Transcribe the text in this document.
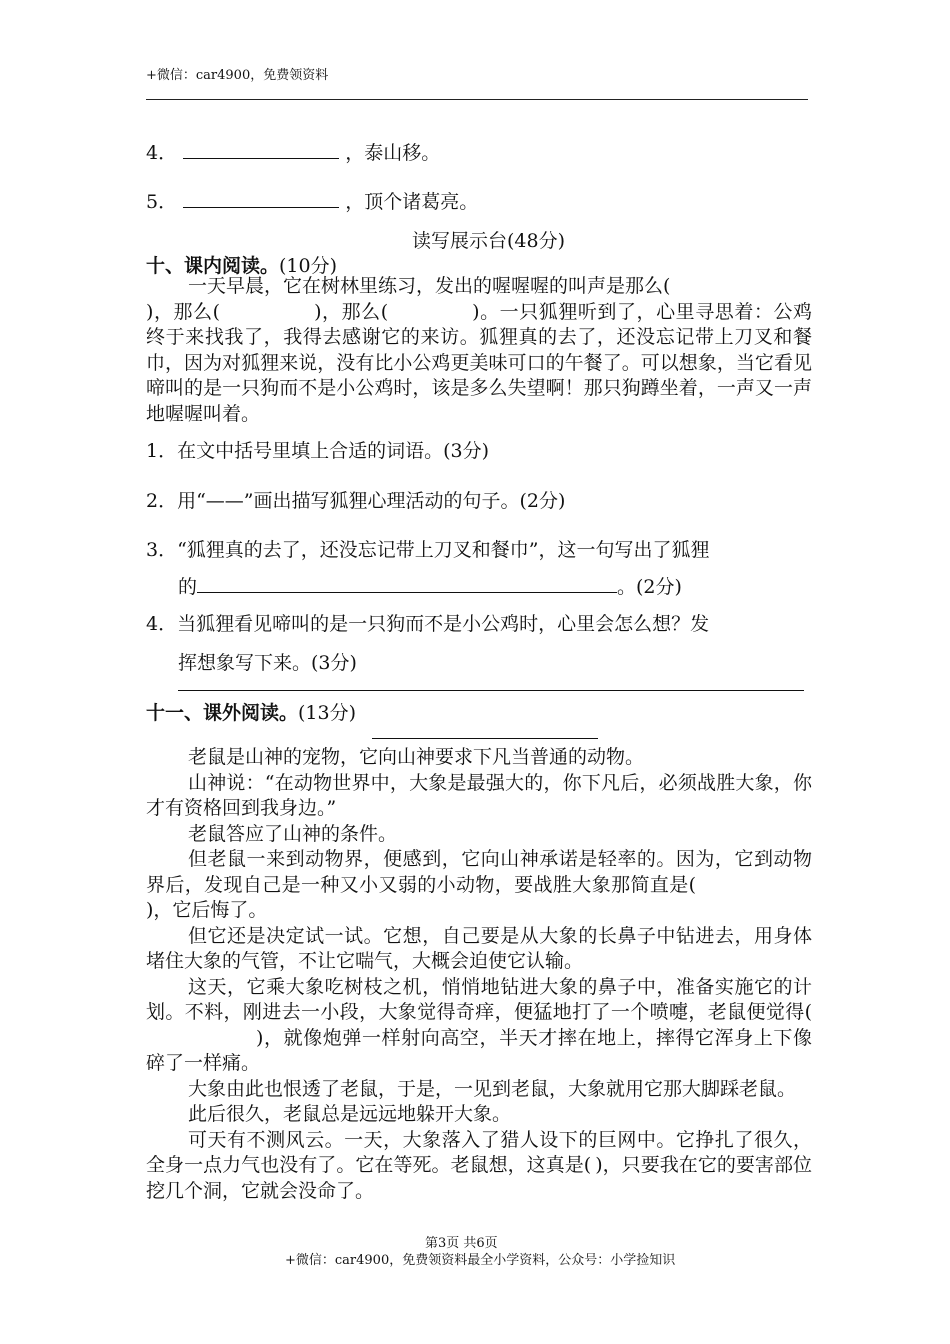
+微信：car4900，免费领资料
4．	，泰山移。
5．	，顶个诸葛亮。
读写展示台(48分)
十、课内阅读。(10分)

一天早晨，它在树林里练习，发出的喔喔喔的叫声是那么(
)，那么(	)，那么(	)。一只狐狸听到了，心里寻思着：公鸡终于来找我了，我得去感谢它的来访。狐狸真的去了，还没忘记带上刀叉和餐巾，因为对狐狸来说，没有比小公鸡更美味可口的午餐了。可以想象，当它看见啼叫的是一只狗而不是小公鸡时，该是多么失望啊！那只狗蹲坐着，一声又一声地喔喔叫着。

1．在文中括号里填上合适的词语。(3分)
2．用“——”画出描写狐狸心理活动的句子。(2分)
3．“狐狸真的去了，还没忘记带上刀叉和餐巾”，这一句写出了狐狸
的	。(2分)
4．当狐狸看见啼叫的是一只狗而不是小公鸡时，心里会怎么想？发
挥想象写下来。(3分)
十一、课外阅读。(13分)

老鼠是山神的宠物，它向山神要求下凡当普通的动物。

山神说：“在动物世界中，大象是最强大的，你下凡后，必须战胜大象，你才有资格回到我身边。”

老鼠答应了山神的条件。

但老鼠一来到动物界，便感到，它向山神承诺是轻率的。因为，它到动物界后，发现自己是一种又小又弱的小动物，要战胜大象那简直是()，它后悔了。

但它还是决定试一试。它想，自己要是从大象的长鼻子中钻进去，用身体堵住大象的气管，不让它喘气，大概会迫使它认输。

这天，它乘大象吃树枝之机，悄悄地钻进大象的鼻子中，准备实施它的计划。不料，刚进去一小段，大象觉得奇痒，便猛地打了一个喷嚏，老鼠便觉得()，就像炮弹一样射向高空，半天才摔在地上，摔得它浑身上下像碎了一样痛。

大象由此也恨透了老鼠，于是，一见到老鼠，大象就用它那大脚踩老鼠。

此后很久，老鼠总是远远地躲开大象。

可天有不测风云。一天，大象落入了猎人设下的巨网中。它挣扎了很久，全身一点力气也没有了。它在等死。老鼠想，这真是( )，只要我在它的要害部位挖几个洞，它就会没命了。

第3页 共6页
+微信：car4900，免费领资料最全小学资料，公众号：小学捡知识
